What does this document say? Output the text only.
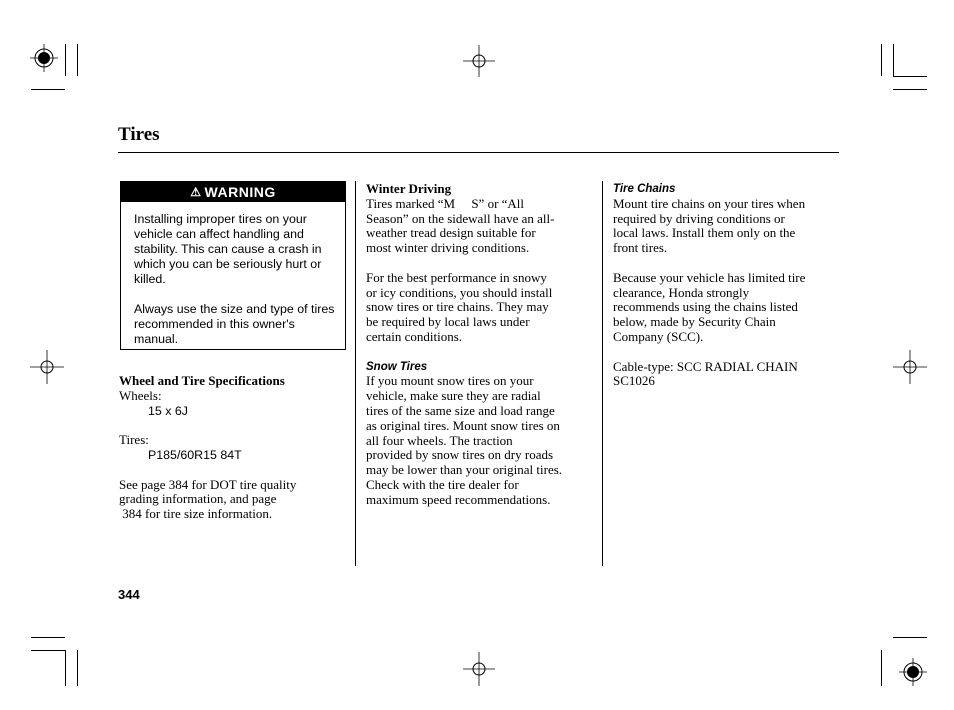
Tires
⚠ WARNING

Installing improper tires on your vehicle can affect handling and stability. This can cause a crash in which you can be seriously hurt or killed.

Always use the size and type of tires recommended in this owner's manual.

Wheel and Tire Specifications
Wheels:
15 x 6J
Tires:
P185/60R15 84T
See page 384 for DOT tire quality
grading information, and page
384 for tire size information.
Winter Driving
Tires marked “M     S” or “All
Season” on the sidewall have an all-
weather tread design suitable for
most winter driving conditions.
For the best performance in snowy
or icy conditions, you should install
snow tires or tire chains. They may
be required by local laws under
certain conditions.
Snow Tires
If you mount snow tires on your
vehicle, make sure they are radial
tires of the same size and load range
as original tires. Mount snow tires on
all four wheels. The traction
provided by snow tires on dry roads
may be lower than your original tires.
Check with the tire dealer for
maximum speed recommendations.
Tire Chains
Mount tire chains on your tires when
required by driving conditions or
local laws. Install them only on the
front tires.
Because your vehicle has limited tire
clearance, Honda strongly
recommends using the chains listed
below, made by Security Chain
Company (SCC).
Cable-type: SCC RADIAL CHAIN
SC1026
344
